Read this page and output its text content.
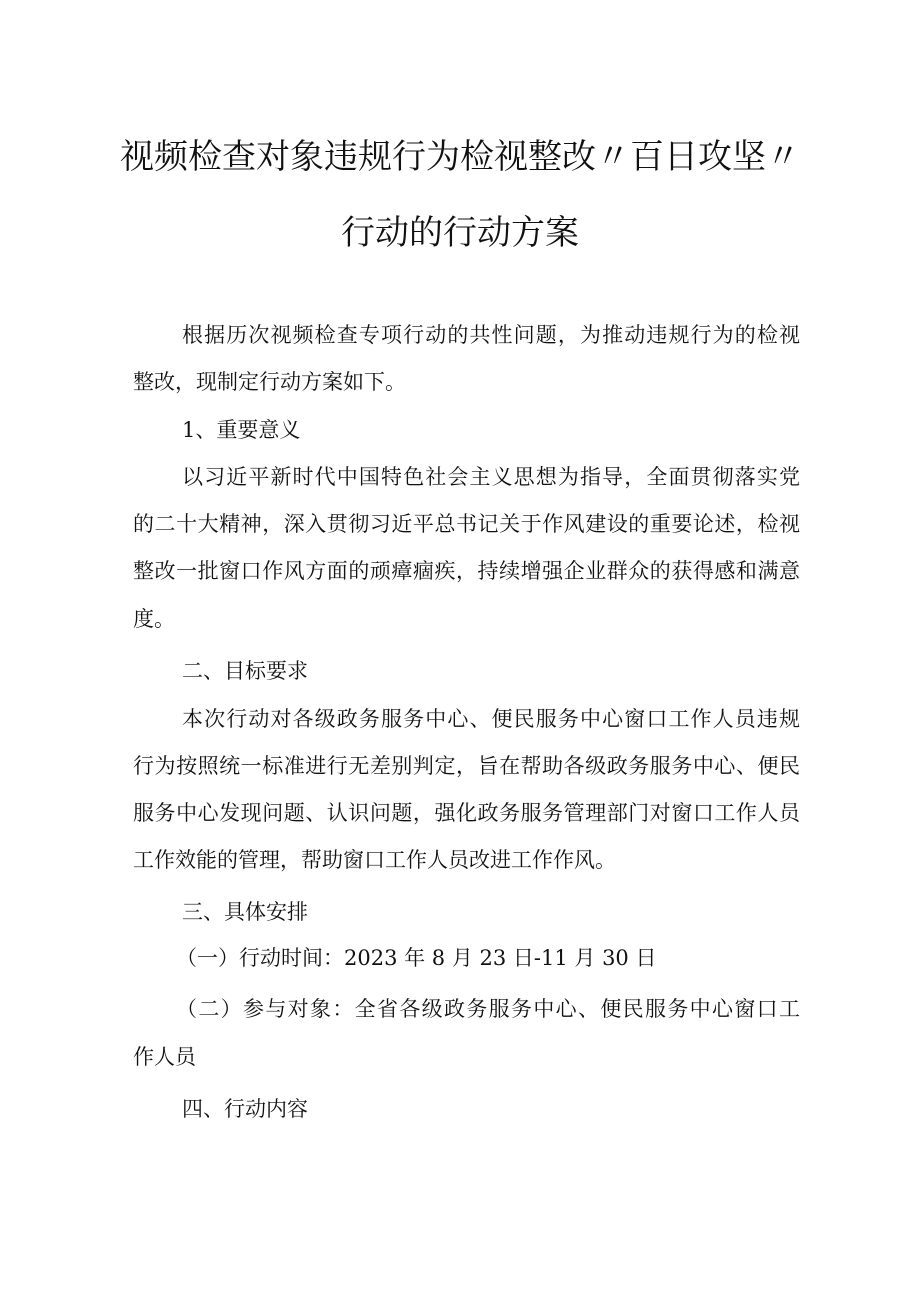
视频检查对象违规行为检视整改〃百日攻坚〃
行动的行动方案
根据历次视频检查专项行动的共性问题，为推动违规行为的检视
整改，现制定行动方案如下。
1、重要意义
以习近平新时代中国特色社会主义思想为指导，全面贯彻落实党
的二十大精神，深入贯彻习近平总书记关于作风建设的重要论述，检视
整改一批窗口作风方面的顽瘴痼疾，持续增强企业群众的获得感和满意
度。
二、目标要求
本次行动对各级政务服务中心、便民服务中心窗口工作人员违规
行为按照统一标准进行无差别判定，旨在帮助各级政务服务中心、便民
服务中心发现问题、认识问题，强化政务服务管理部门对窗口工作人员
工作效能的管理，帮助窗口工作人员改进工作作风。
三、具体安排
（一）行动时间：2023 年 8 月 23 日-11 月 30 日
（二）参与对象：全省各级政务服务中心、便民服务中心窗口工
作人员
四、行动内容
